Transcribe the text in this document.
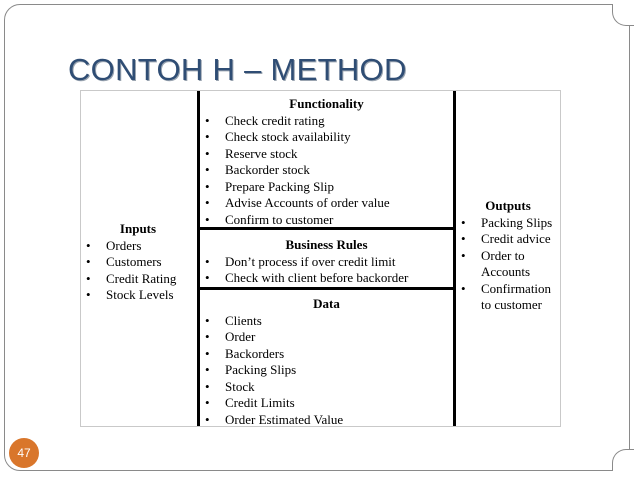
CONTOH H – METHOD
Inputs
• Orders
• Customers
• Credit Rating
• Stock Levels
Functionality
• Check credit rating
• Check stock availability
• Reserve stock
• Backorder stock
• Prepare Packing Slip
• Advise Accounts of order value
• Confirm to customer
Business Rules
• Don’t process if over credit limit
• Check with client before backorder
Data
• Clients
• Order
• Backorders
• Packing Slips
• Stock
• Credit Limits
• Order Estimated Value
Outputs
• Packing Slips
• Credit advice
• Order to Accounts
• Confirmation to customer
47
